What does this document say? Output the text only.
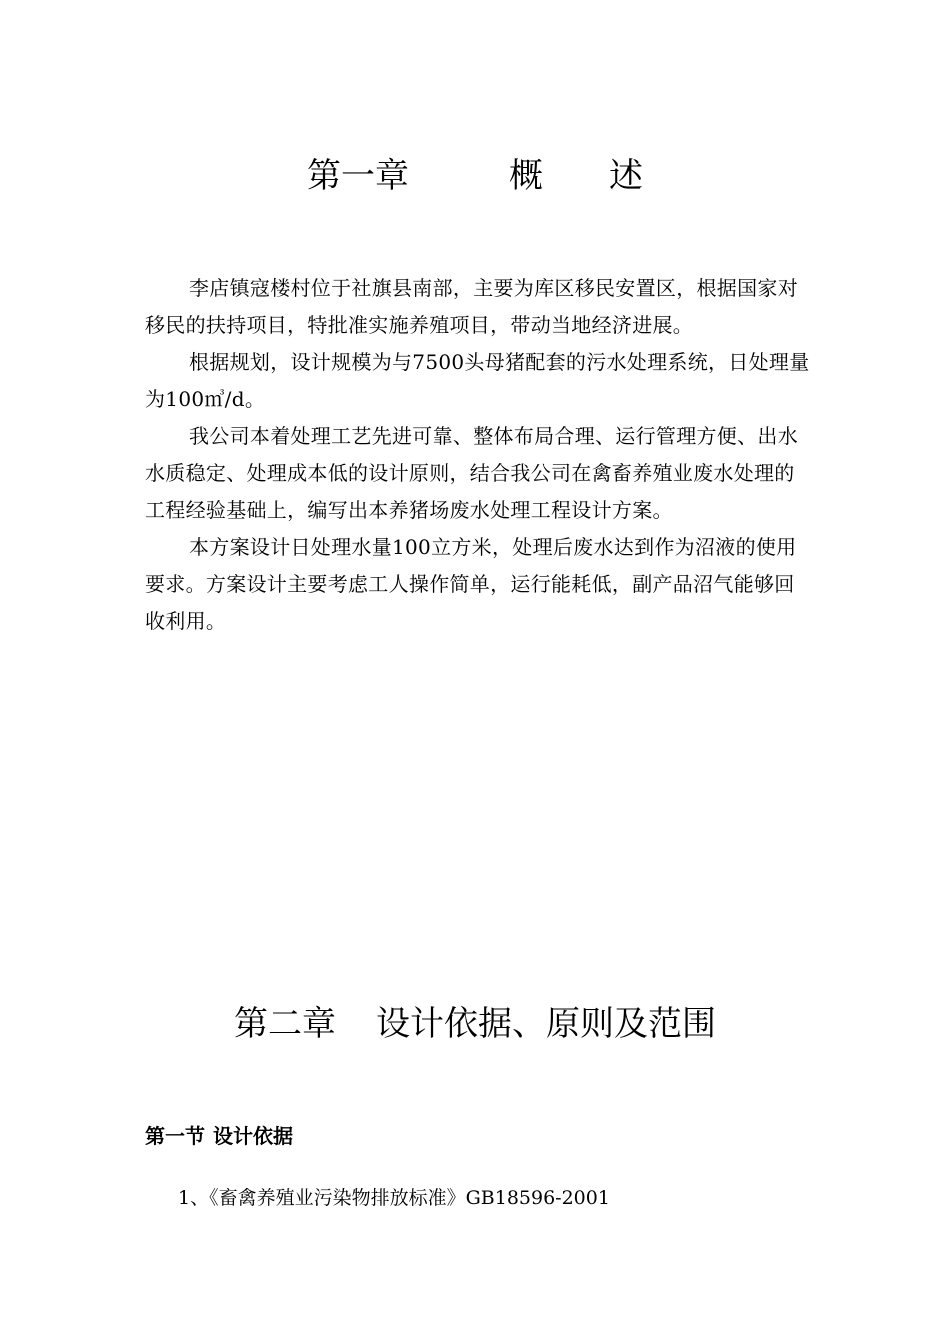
第一章	概 述

李店镇寇楼村位于社旗县南部，主要为库区移民安置区，根据国家对移民的扶持项目，特批准实施养殖项目，带动当地经济进展。

根据规划，设计规模为与7500头母猪配套的污水处理系统，日处理量为100㎥/d。

我公司本着处理工艺先进可靠、整体布局合理、运行管理方便、出水水质稳定、处理成本低的设计原则，结合我公司在禽畜养殖业废水处理的工程经验基础上，编写出本养猪场废水处理工程设计方案。

本方案设计日处理水量100立方米，处理后废水达到作为沼液的使用要求。方案设计主要考虑工人操作简单，运行能耗低，副产品沼气能够回收利用。

第二章 设计依据、原则及范围
第一节 设计依据
1、《畜禽养殖业污染物排放标准》GB18596-2001
